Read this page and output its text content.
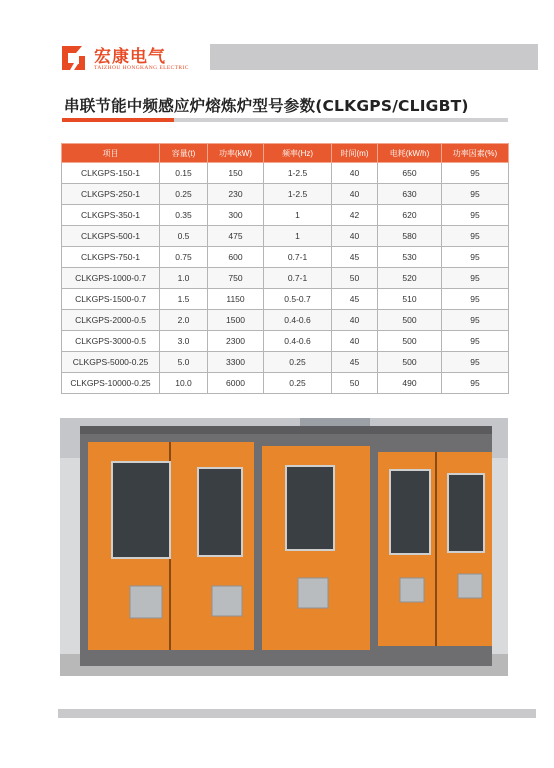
宏康电气
TAIZHOU HONGKANG ELECTRIC
串联节能中频感应炉熔炼炉型号参数(CLKGPS/CLIGBT)
项目	容量(t)	功率(kW)	频率(Hz)	时间(m)	电耗(kW/h)	功率因素(%)
CLKGPS-150-1	0.15	150	1-2.5	40	650	95
CLKGPS-250-1	0.25	230	1-2.5	40	630	95
CLKGPS-350-1	0.35	300	1	42	620	95
CLKGPS-500-1	0.5	475	1	40	580	95
CLKGPS-750-1	0.75	600	0.7-1	45	530	95
CLKGPS-1000-0.7	1.0	750	0.7-1	50	520	95
CLKGPS-1500-0.7	1.5	1150	0.5-0.7	45	510	95
CLKGPS-2000-0.5	2.0	1500	0.4-0.6	40	500	95
CLKGPS-3000-0.5	3.0	2300	0.4-0.6	40	500	95
CLKGPS-5000-0.25	5.0	3300	0.25	45	500	95
CLKGPS-10000-0.25	10.0	6000	0.25	50	490	95
